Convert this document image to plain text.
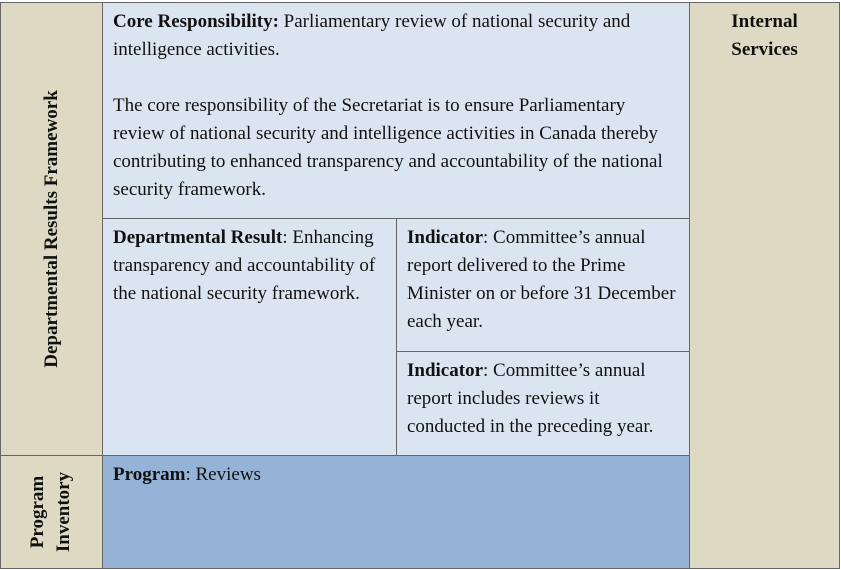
Departmental Results Framework
Program Inventory
Core Responsibility: Parliamentary review of national security and intelligence activities.
The core responsibility of the Secretariat is to ensure Parliamentary review of national security and intelligence activities in Canada thereby contributing to enhanced transparency and accountability of the national security framework.
Internal
Services
Departmental Result: Enhancing transparency and accountability of the national security framework.
Indicator: Committee’s annual report delivered to the Prime Minister on or before 31 December each year.
Indicator: Committee’s annual report includes reviews it conducted in the preceding year.
Program: Reviews
